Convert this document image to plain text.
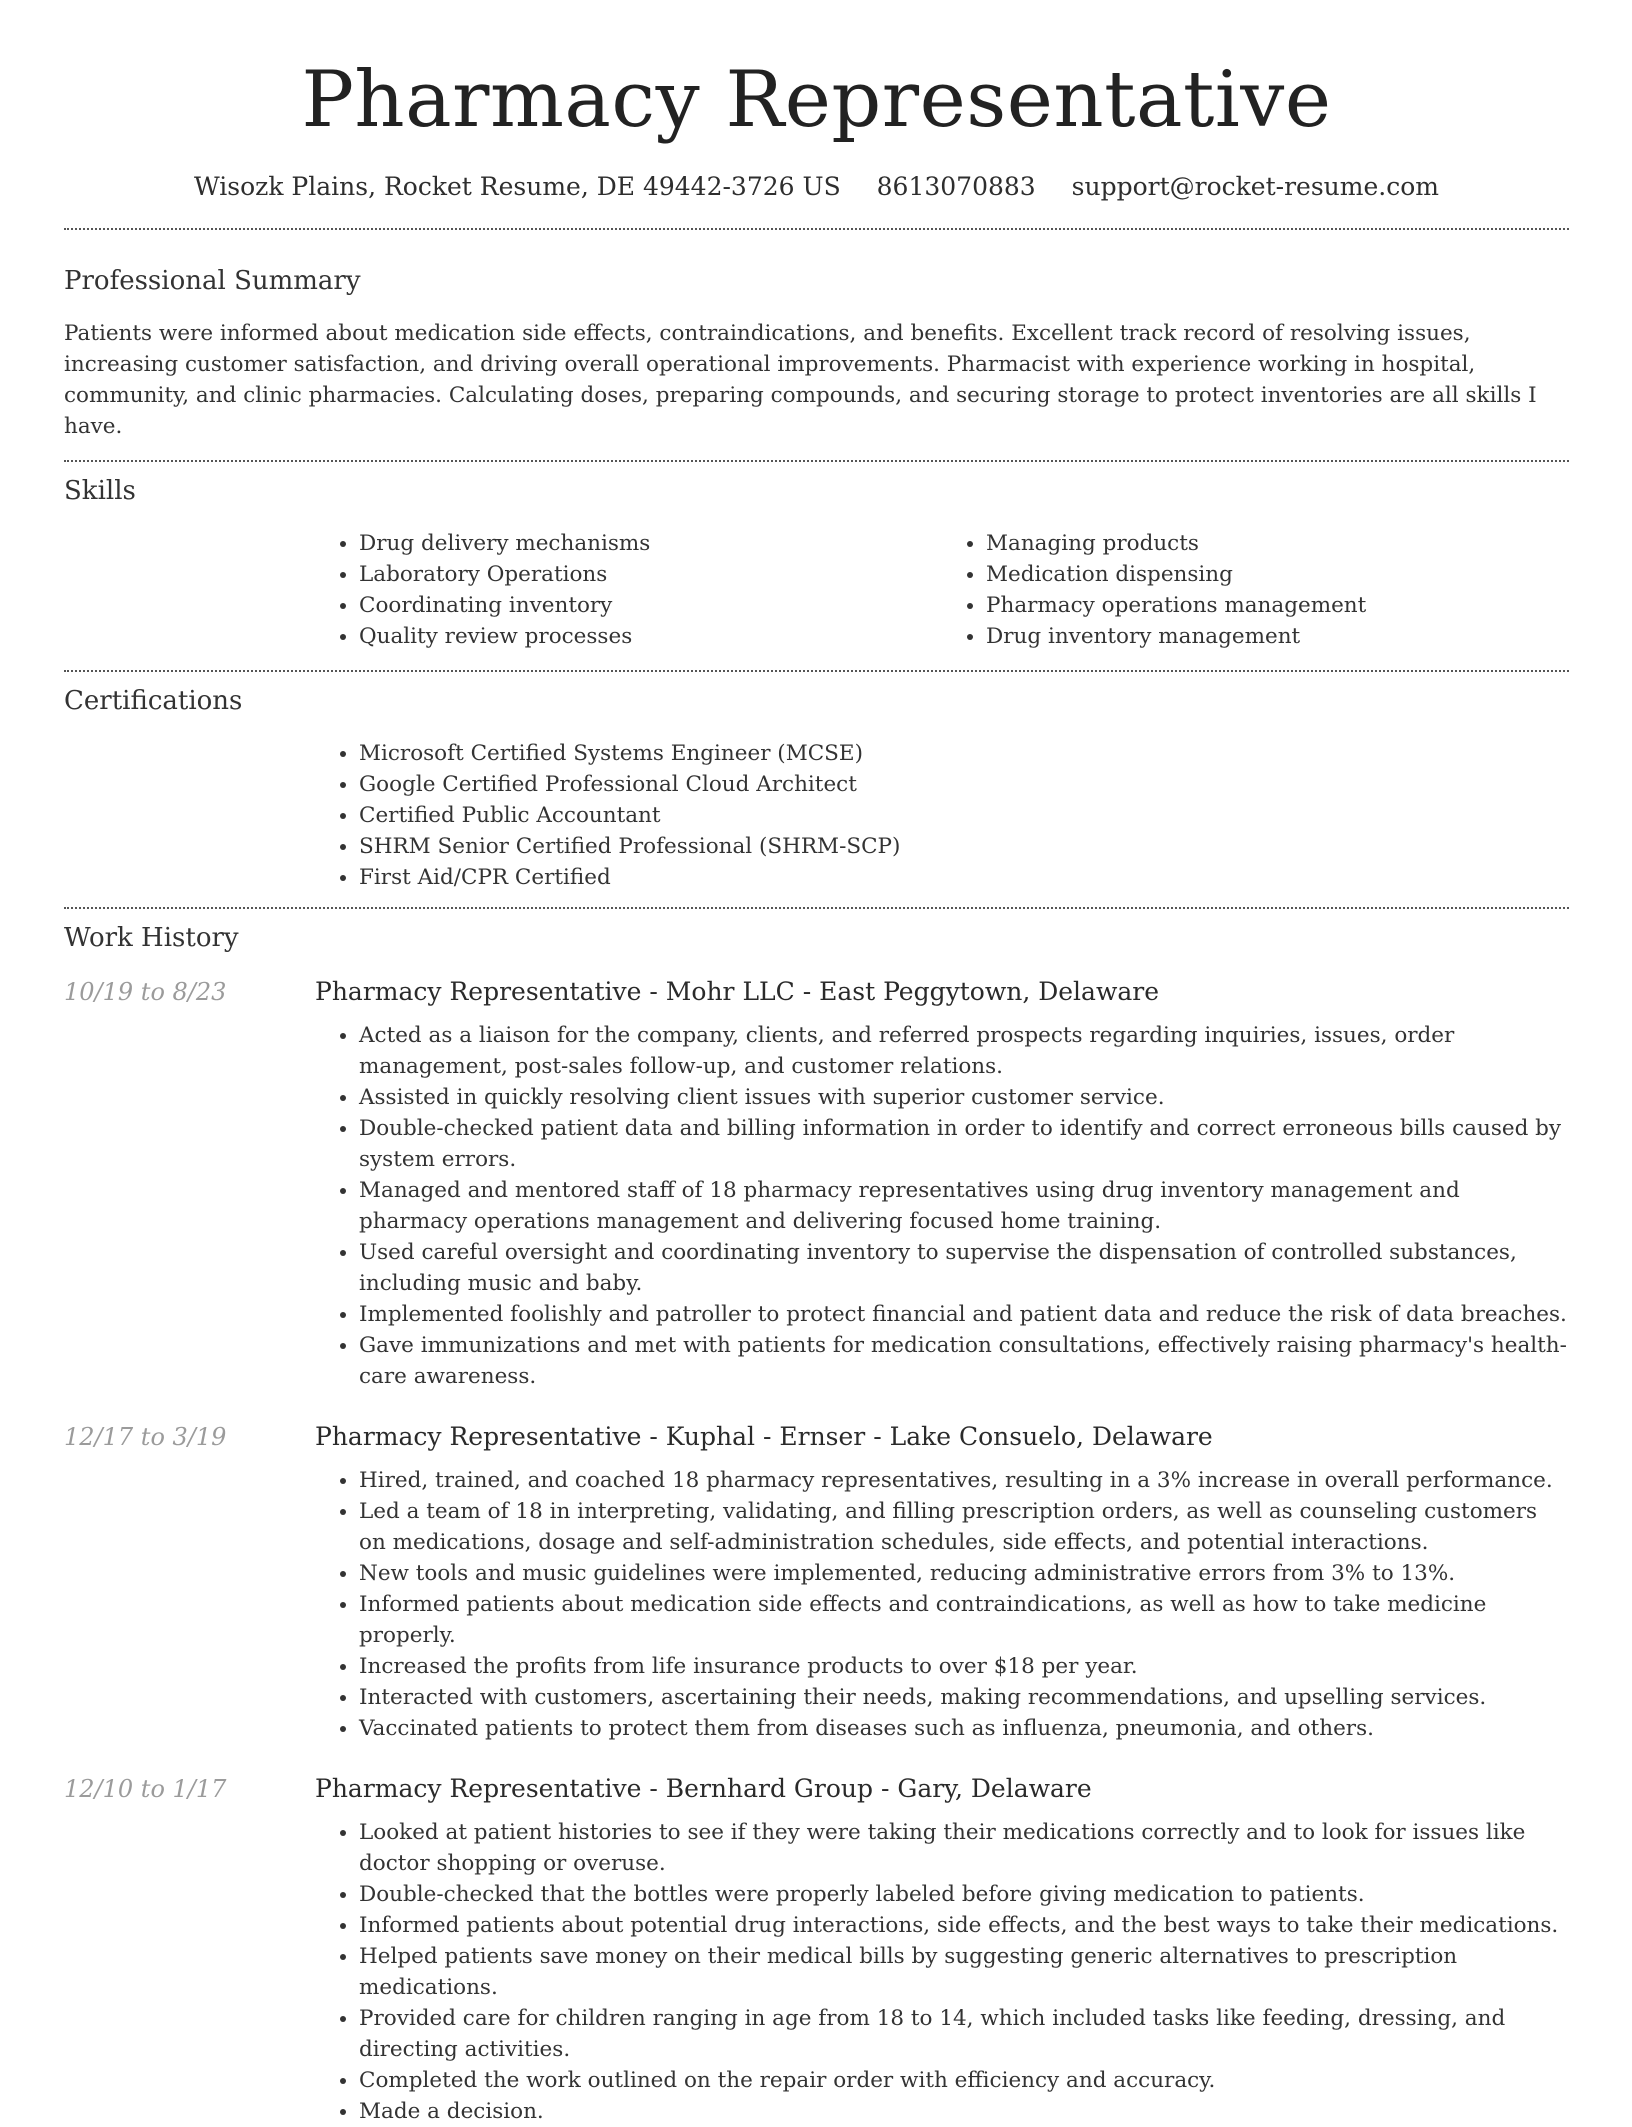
Pharmacy Representative
Wisozk Plains, Rocket Resume, DE 49442-3726 US 8613070883 support@rocket-resume.com
Professional Summary

Patients were informed about medication side effects, contraindications, and benefits. Excellent track record of resolving issues, increasing customer satisfaction, and driving overall operational improvements. Pharmacist with experience working in hospital, community, and clinic pharmacies. Calculating doses, preparing compounds, and securing storage to protect inventories are all skills I have.

Skills
• Drug delivery mechanisms
• Laboratory Operations
• Coordinating inventory
• Quality review processes
• Managing products
• Medication dispensing
• Pharmacy operations management
• Drug inventory management
Certifications
• Microsoft Certified Systems Engineer (MCSE)
• Google Certified Professional Cloud Architect
• Certified Public Accountant
• SHRM Senior Certified Professional (SHRM-SCP)
• First Aid/CPR Certified
Work History
10/19 to 8/23	Pharmacy Representative - Mohr LLC - East Peggytown, Delaware
• Acted as a liaison for the company, clients, and referred prospects regarding inquiries, issues, order management, post-sales follow-up, and customer relations.
• Assisted in quickly resolving client issues with superior customer service.
• Double-checked patient data and billing information in order to identify and correct erroneous bills caused by system errors.
• Managed and mentored staff of 18 pharmacy representatives using drug inventory management and pharmacy operations management and delivering focused home training.
• Used careful oversight and coordinating inventory to supervise the dispensation of controlled substances, including music and baby.
• Implemented foolishly and patroller to protect financial and patient data and reduce the risk of data breaches.
• Gave immunizations and met with patients for medication consultations, effectively raising pharmacy's health-care awareness.
12/17 to 3/19	Pharmacy Representative - Kuphal - Ernser - Lake Consuelo, Delaware
• Hired, trained, and coached 18 pharmacy representatives, resulting in a 3% increase in overall performance.
• Led a team of 18 in interpreting, validating, and filling prescription orders, as well as counseling customers on medications, dosage and self-administration schedules, side effects, and potential interactions.
• New tools and music guidelines were implemented, reducing administrative errors from 3% to 13%.
• Informed patients about medication side effects and contraindications, as well as how to take medicine properly.
• Increased the profits from life insurance products to over $18 per year.
• Interacted with customers, ascertaining their needs, making recommendations, and upselling services.
• Vaccinated patients to protect them from diseases such as influenza, pneumonia, and others.
12/10 to 1/17	Pharmacy Representative - Bernhard Group - Gary, Delaware
• Looked at patient histories to see if they were taking their medications correctly and to look for issues like doctor shopping or overuse.
• Double-checked that the bottles were properly labeled before giving medication to patients.
• Informed patients about potential drug interactions, side effects, and the best ways to take their medications.
• Helped patients save money on their medical bills by suggesting generic alternatives to prescription medications.
• Provided care for children ranging in age from 18 to 14, which included tasks like feeding, dressing, and directing activities.
• Completed the work outlined on the repair order with efficiency and accuracy.
• Made a decision.
